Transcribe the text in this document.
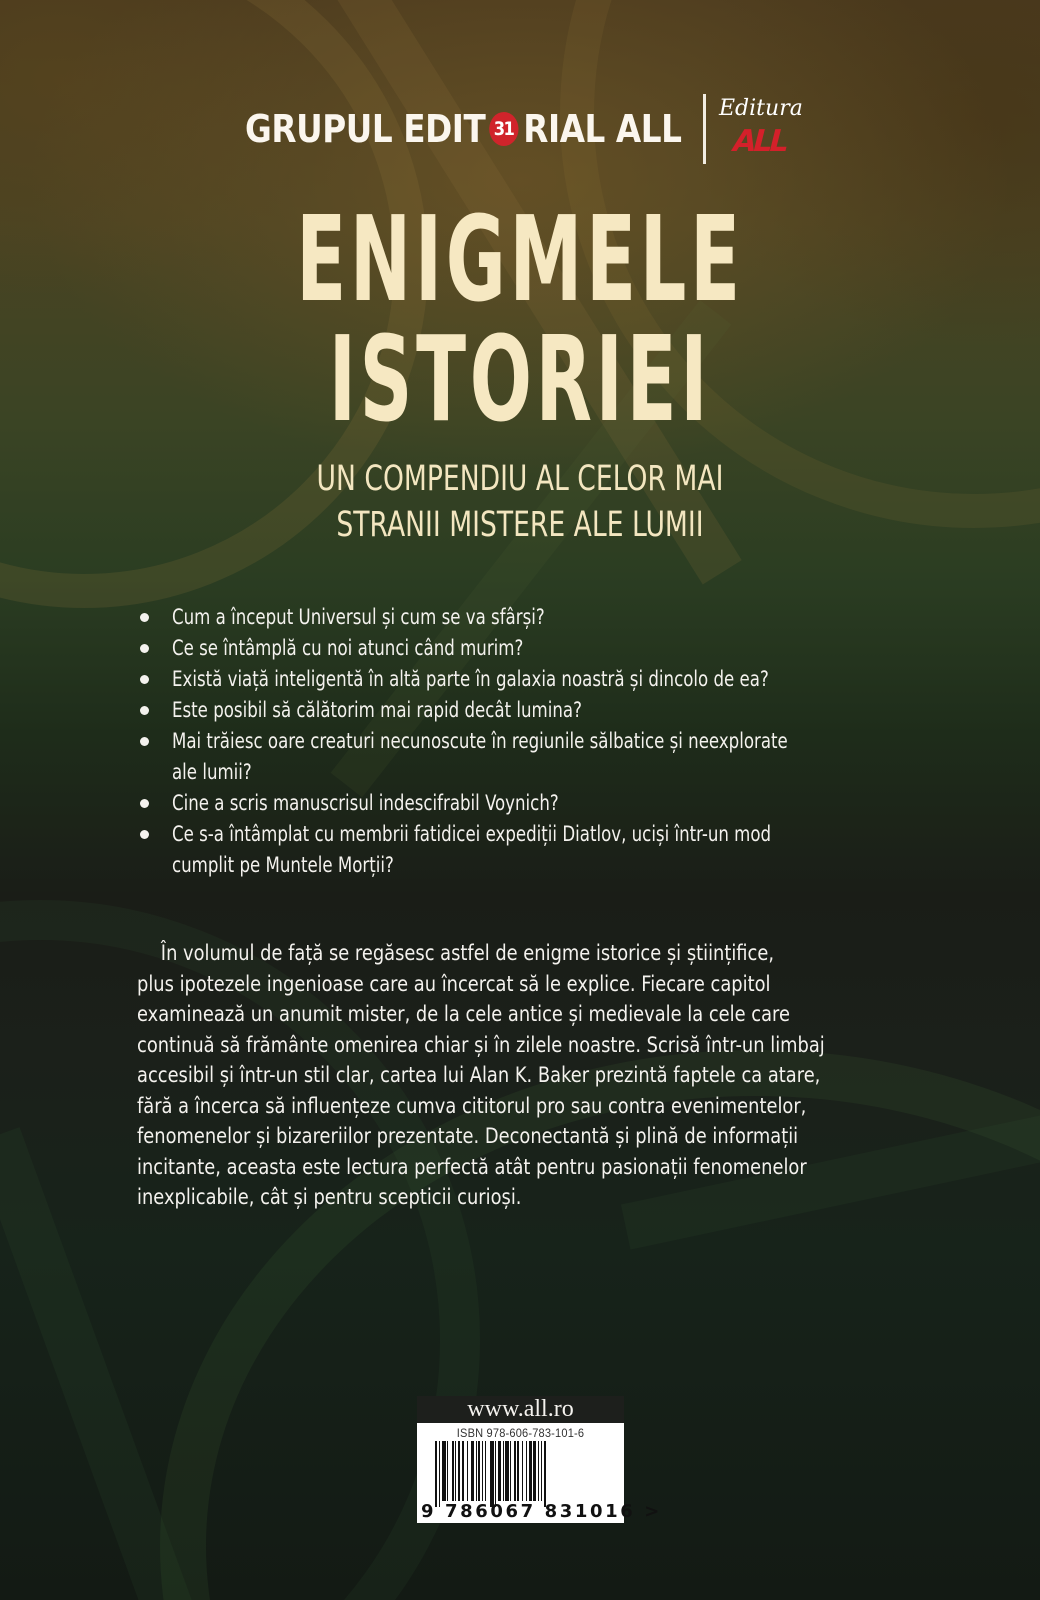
GRUPUL EDIT 31 RIAL ALL Editura
ALL
ENIGMELE
ISTORIEI
UN COMPENDIU AL CELOR MAI
STRANII MISTERE ALE LUMII
Cum a început Universul și cum se va sfârși?
Ce se întâmplă cu noi atunci când murim?
Există viață inteligentă în altă parte în galaxia noastră și dincolo de ea?
Este posibil să călătorim mai rapid decât lumina?
Mai trăiesc oare creaturi necunoscute în regiunile sălbatice și neexplorate
ale lumii?
Cine a scris manuscrisul indescifrabil Voynich?
Ce s-a întâmplat cu membrii fatidicei expediții Diatlov, uciși într-un mod
cumplit pe Muntele Morții?
În volumul de față se regăsesc astfel de enigme istorice și științifice,
plus ipotezele ingenioase care au încercat să le explice. Fiecare capitol
examinează un anumit mister, de la cele antice și medievale la cele care
continuă să frământe omenirea chiar și în zilele noastre. Scrisă într-un limbaj
accesibil și într-un stil clar, cartea lui Alan K. Baker prezintă faptele ca atare,
fără a încerca să influențeze cumva cititorul pro sau contra evenimentelor,
fenomenelor și bizareriilor prezentate. Deconectantă și plină de informații
incitante, aceasta este lectura perfectă atât pentru pasionații fenomenelor
inexplicabile, cât și pentru scepticii curioși.
www.all.ro
ISBN 978-606-783-101-6
9 786067 831016 >
